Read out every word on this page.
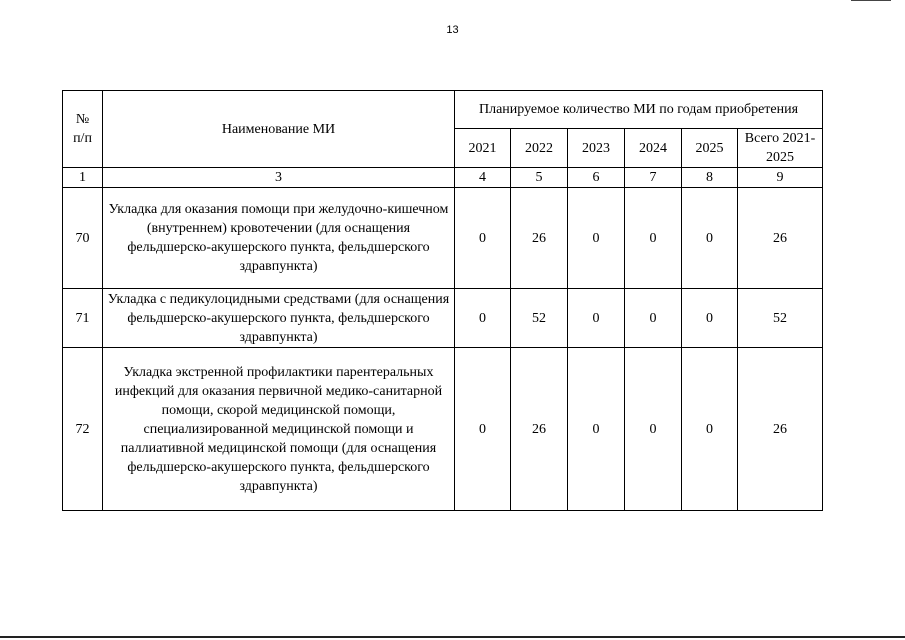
13
№
п/п	Наименование МИ	Планируемое количество МИ по годам приобретения					
		2021	2022	2023	2024	2025	Всего 2021-2025
1	3	4	5	6	7	8	9
70	Укладка для оказания помощи при желудочно-кишечном (внутреннем) кровотечении (для оснащения фельдшерско-акушерского пункта, фельдшерского здравпункта)	0	26	0	0	0	26
71	Укладка с педикулоцидными средствами (для оснащения фельдшерско-акушерского пункта, фельдшерского здравпункта)	0	52	0	0	0	52
72	Укладка экстренной профилактики парентеральных инфекций для оказания первичной медико-санитарной помощи, скорой медицинской помощи, специализированной медицинской помощи и паллиативной медицинской помощи (для оснащения фельдшерско-акушерского пункта, фельдшерского здравпункта)	0	26	0	0	0	26
